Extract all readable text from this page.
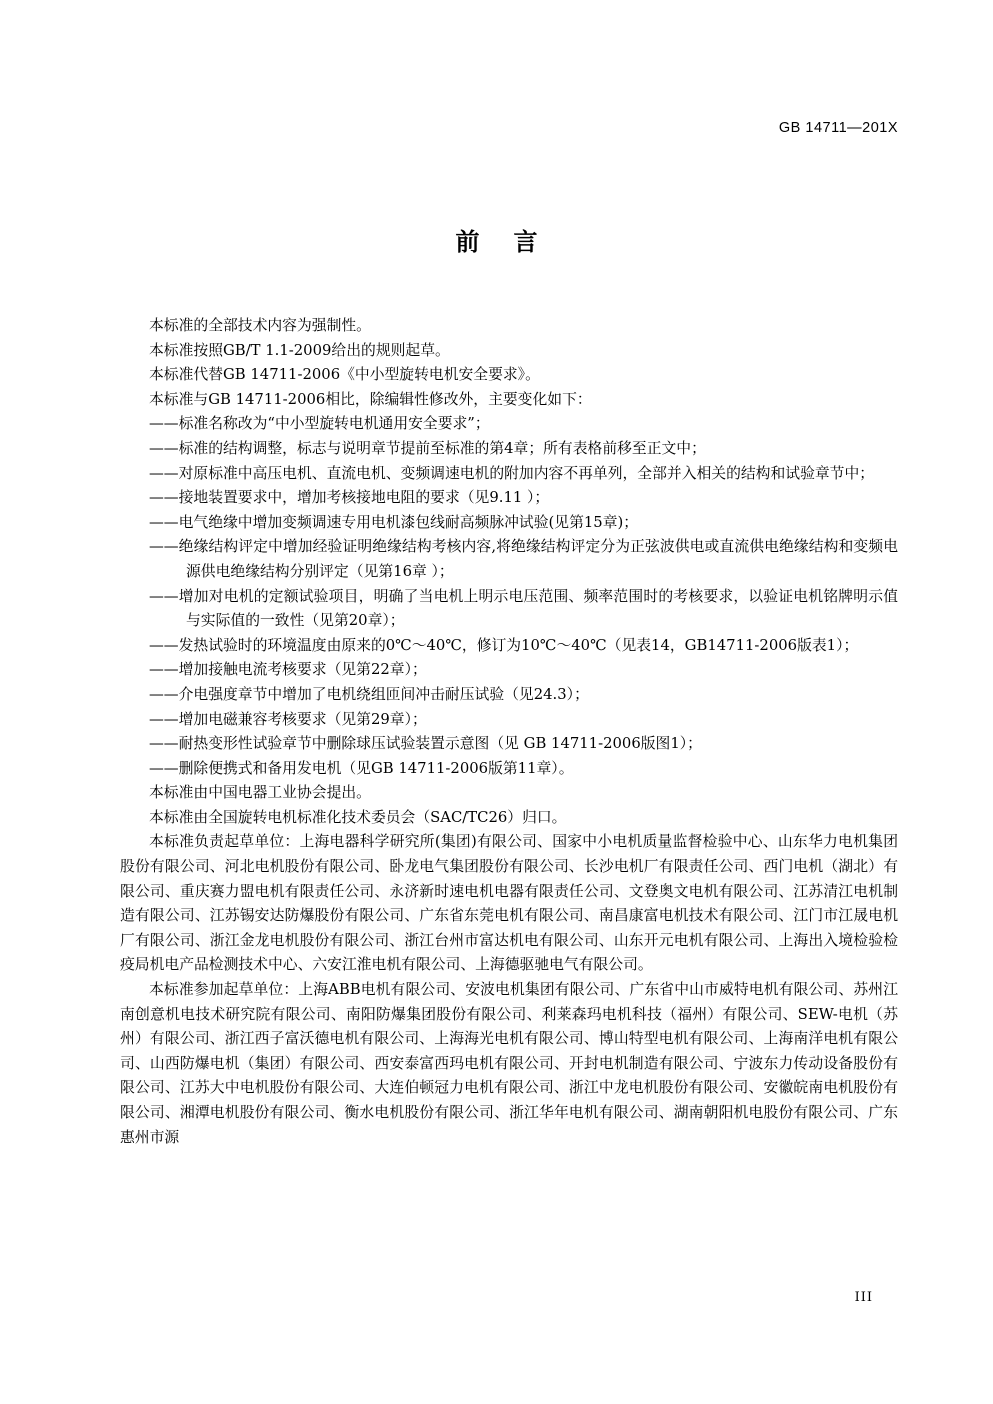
GB 14711—201X
前言

本标准的全部技术内容为强制性。

本标准按照GB/T 1.1-2009给出的规则起草。

本标准代替GB 14711-2006《中小型旋转电机安全要求》。

本标准与GB 14711-2006相比，除编辑性修改外，主要变化如下：

——标准名称改为“中小型旋转电机通用安全要求”；

——标准的结构调整，标志与说明章节提前至标准的第4章；所有表格前移至正文中；

——对原标准中高压电机、直流电机、变频调速电机的附加内容不再单列，全部并入相关的结构和试验章节中；

——接地装置要求中，增加考核接地电阻的要求（见9.11 ）；

——电气绝缘中增加变频调速专用电机漆包线耐高频脉冲试验(见第15章)；

——绝缘结构评定中增加经验证明绝缘结构考核内容,将绝缘结构评定分为正弦波供电或直流供电绝缘结构和变频电源供电绝缘结构分别评定（见第16章 ）；

——增加对电机的定额试验项目，明确了当电机上明示电压范围、频率范围时的考核要求，以验证电机铭牌明示值与实际值的一致性（见第20章）；

——发热试验时的环境温度由原来的0℃～40℃，修订为10℃～40℃（见表14，GB14711-2006版表1）；

——增加接触电流考核要求（见第22章）；

——介电强度章节中增加了电机绕组匝间冲击耐压试验（见24.3）；

——增加电磁兼容考核要求（见第29章）；

——耐热变形性试验章节中删除球压试验装置示意图（见 GB 14711-2006版图1）；

——删除便携式和备用发电机（见GB 14711-2006版第11章）。

本标准由中国电器工业协会提出。

本标准由全国旋转电机标准化技术委员会（SAC/TC26）归口。

本标准负责起草单位：上海电器科学研究所(集团)有限公司、国家中小电机质量监督检验中心、山东华力电机集团股份有限公司、河北电机股份有限公司、卧龙电气集团股份有限公司、长沙电机厂有限责任公司、西门电机（湖北）有限公司、重庆赛力盟电机有限责任公司、永济新时速电机电器有限责任公司、文登奥文电机有限公司、江苏清江电机制造有限公司、江苏锡安达防爆股份有限公司、广东省东莞电机有限公司、南昌康富电机技术有限公司、江门市江晟电机厂有限公司、浙江金龙电机股份有限公司、浙江台州市富达机电有限公司、山东开元电机有限公司、上海出入境检验检疫局机电产品检测技术中心、六安江淮电机有限公司、上海德驱驰电气有限公司。

本标准参加起草单位：上海ABB电机有限公司、安波电机集团有限公司、广东省中山市威特电机有限公司、苏州江南创意机电技术研究院有限公司、南阳防爆集团股份有限公司、利莱森玛电机科技（福州）有限公司、SEW-电机（苏州）有限公司、浙江西子富沃德电机有限公司、上海海光电机有限公司、博山特型电机有限公司、上海南洋电机有限公司、山西防爆电机（集团）有限公司、西安泰富西玛电机有限公司、开封电机制造有限公司、宁波东力传动设备股份有限公司、江苏大中电机股份有限公司、大连伯顿冠力电机有限公司、浙江中龙电机股份有限公司、安徽皖南电机股份有限公司、湘潭电机股份有限公司、衡水电机股份有限公司、浙江华年电机有限公司、湖南朝阳机电股份有限公司、广东惠州市源

III
